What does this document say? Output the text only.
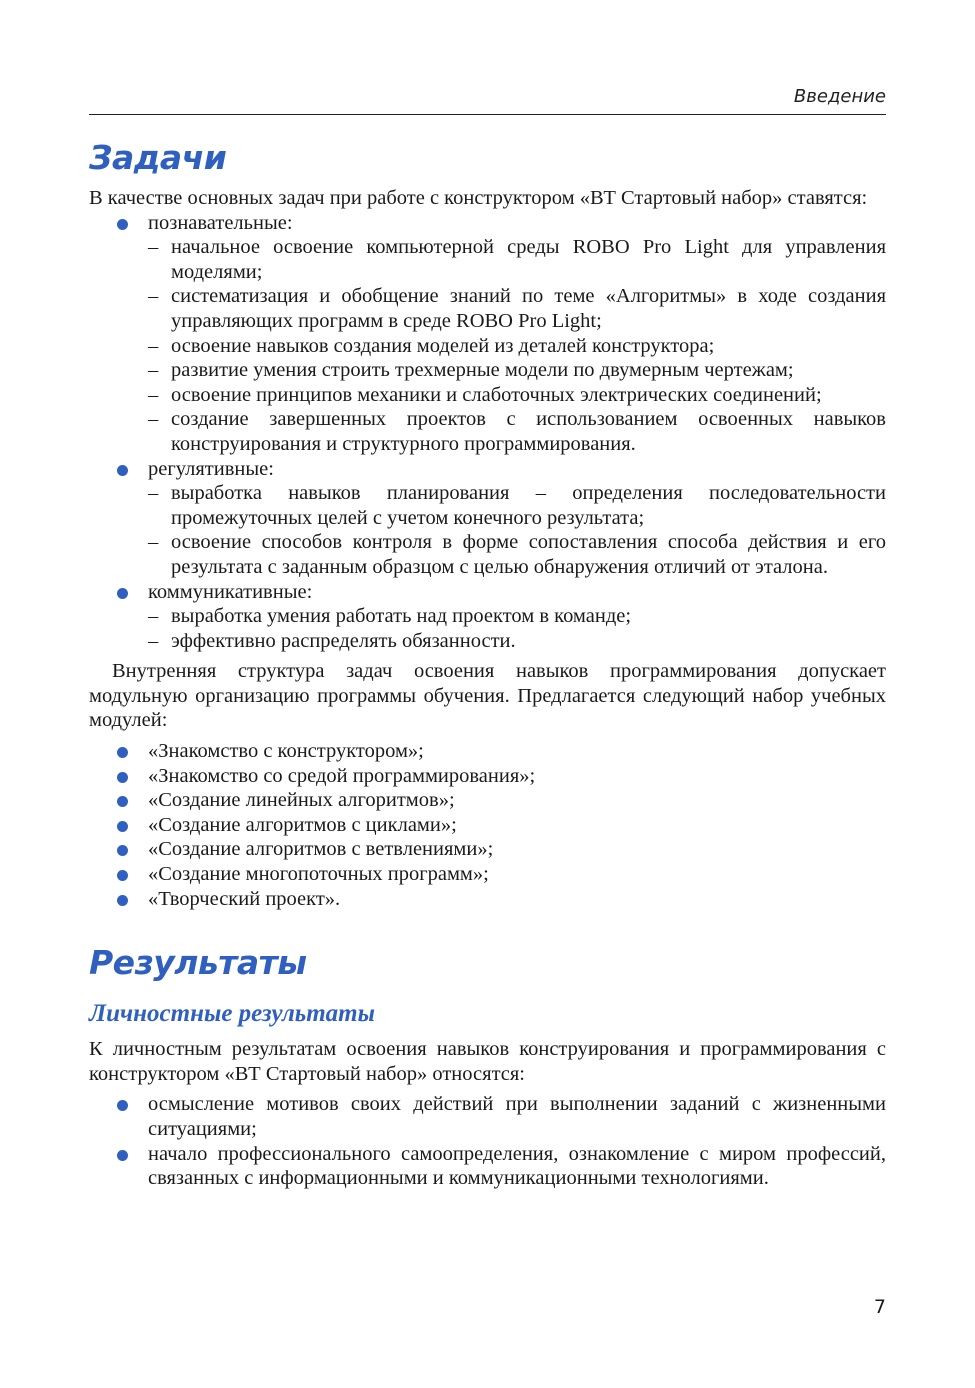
Введение
Задачи

В качестве основных задач при работе с конструктором «ВТ Стартовый набор» ставятся:

познавательные:
– начальное освоение компьютерной среды ROBO Pro Light для управления моделями;
– систематизация и обобщение знаний по теме «Алгоритмы» в ходе создания управляющих программ в среде ROBO Pro Light;
– освоение навыков создания моделей из деталей конструктора;
– развитие умения строить трехмерные модели по двумерным чертежам;
– освоение принципов механики и слаботочных электрических соединений;
– создание завершенных проектов с использованием освоенных навыков конструирования и структурного программирования.
регулятивные:
– выработка навыков планирования – определения последовательности промежуточных целей с учетом конечного результата;
– освоение способов контроля в форме сопоставления способа действия и его результата с заданным образцом с целью обнаружения отличий от эталона.
коммуникативные:
– выработка умения работать над проектом в команде;
– эффективно распределять обязанности.

Внутренняя структура задач освоения навыков программирования допускает модульную организацию программы обучения. Предлагается следующий набор учебных модулей:

«Знакомство с конструктором»;
«Знакомство со средой программирования»;
«Создание линейных алгоритмов»;
«Создание алгоритмов с циклами»;
«Создание алгоритмов с ветвлениями»;
«Создание многопоточных программ»;
«Творческий проект».
Результаты
Личностные результаты

К личностным результатам освоения навыков конструирования и программирования с конструктором «ВТ Стартовый набор» относятся:

осмысление мотивов своих действий при выполнении заданий с жизненными ситуациями;
начало профессионального самоопределения, ознакомление с миром профессий, связанных с информационными и коммуникационными технологиями.
7
